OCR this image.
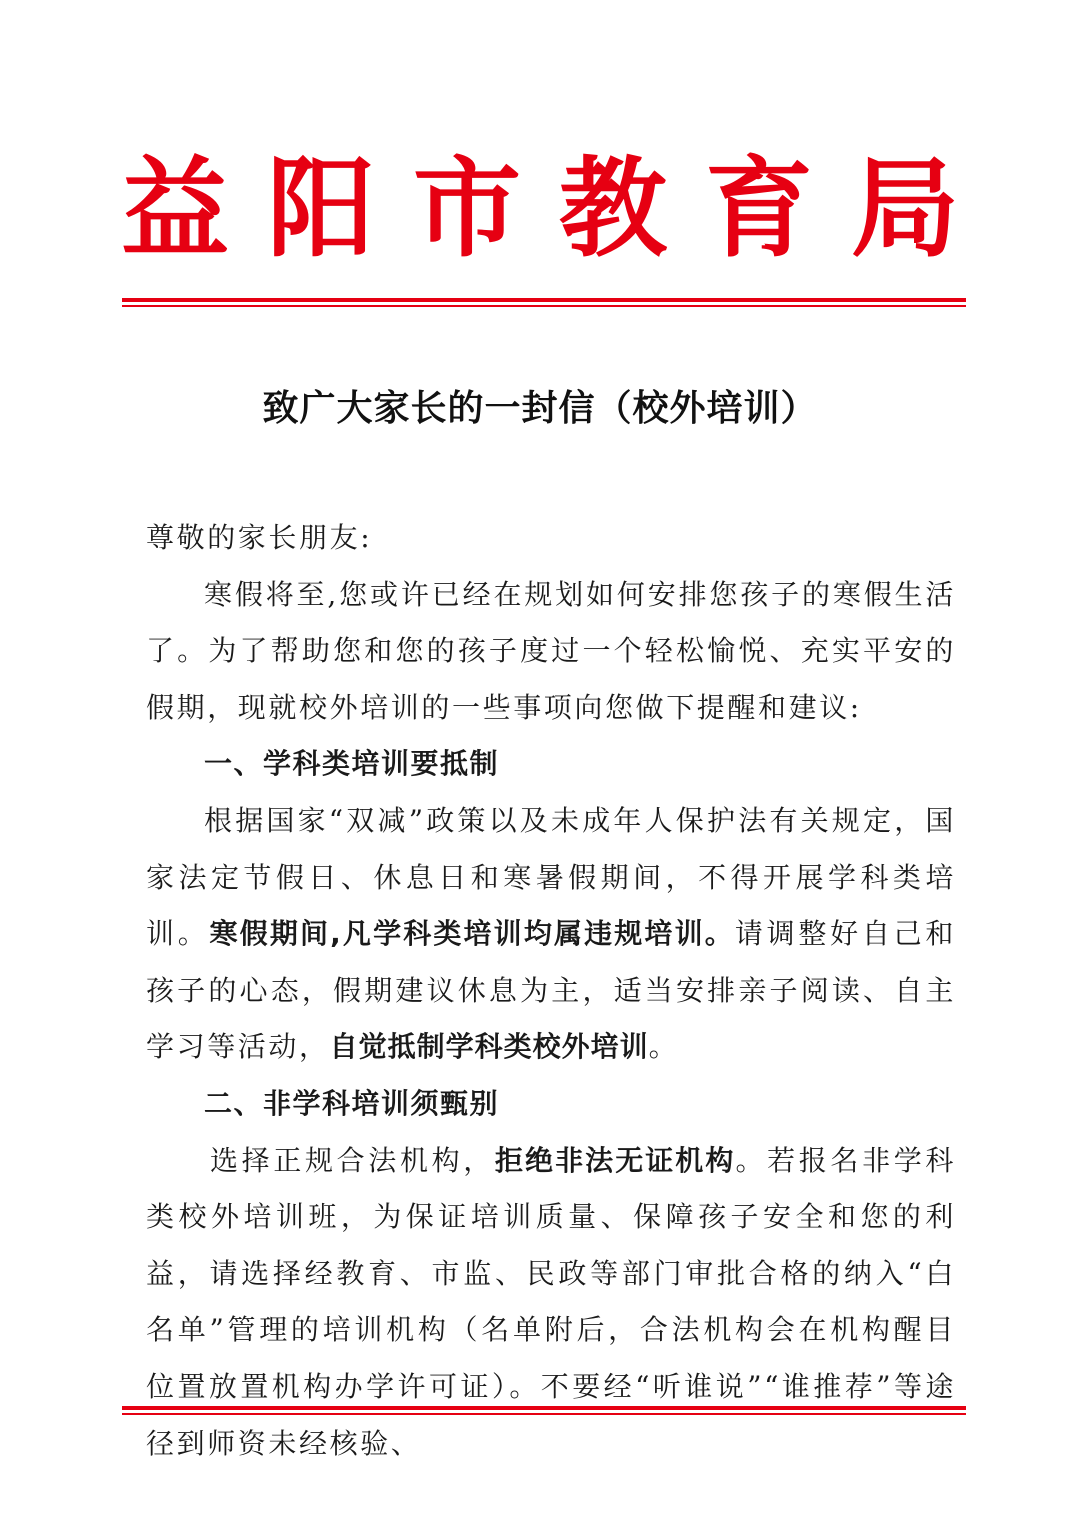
益阳市教育局
致广大家长的一封信（校外培训）

尊敬的家长朋友:

寒假将至,您或许已经在规划如何安排您孩子的寒假生活了。为了帮助您和您的孩子度过一个轻松愉悦、充实平安的假期，现就校外培训的一些事项向您做下提醒和建议:

一、学科类培训要抵制

根据国家“双减”政策以及未成年人保护法有关规定，国家法定节假日、休息日和寒暑假期间，不得开展学科类培训。寒假期间,凡学科类培训均属违规培训。请调整好自己和孩子的心态，假期建议休息为主，适当安排亲子阅读、自主学习等活动，自觉抵制学科类校外培训。

二、非学科培训须甄别

选择正规合法机构，拒绝非法无证机构。若报名非学科类校外培训班，为保证培训质量、保障孩子安全和您的利益，请选择经教育、市监、民政等部门审批合格的纳入“白名单”管理的培训机构（名单附后，合法机构会在机构醒目位置放置机构办学许可证）。不要经“听谁说”“谁推荐”等途径到师资未经核验、
